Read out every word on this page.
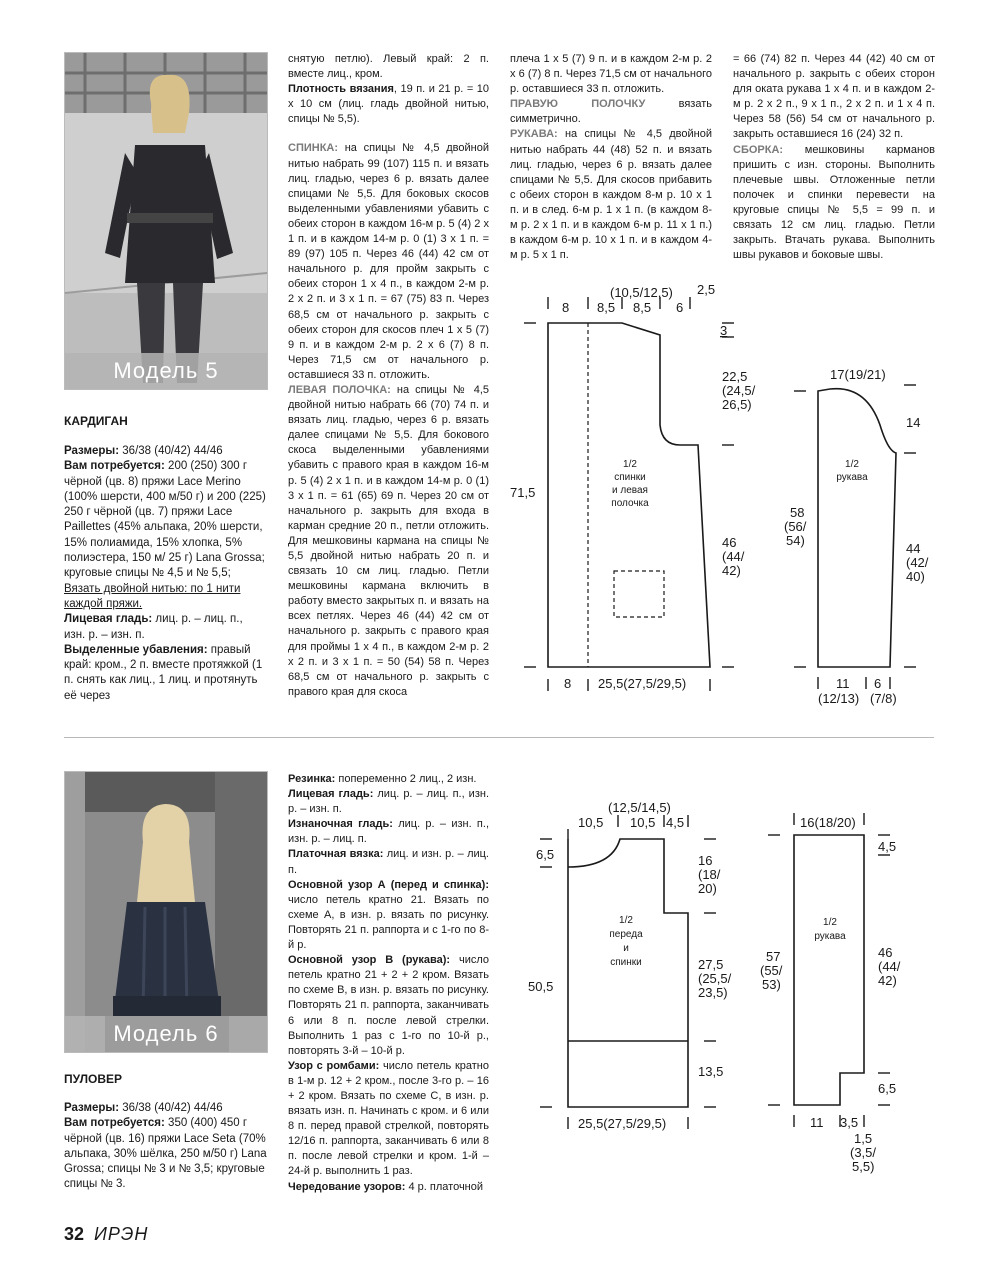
Модель 5
КАРДИГАН

Размеры: 36/38 (40/42) 44/46

Вам потребуется: 200 (250) 300 г чёрной (цв. 8) пряжи Lace Merino (100% шерсти, 400 м/50 г) и 200 (225) 250 г чёрной (цв. 7) пряжи Lace Paillettes (45% альпака, 20% шерсти, 15% полиамида, 15% хлопка, 5% полиэстера, 150 м/ 25 г) Lana Grossa; круговые спицы № 4,5 и № 5,5;

Вязать двойной нитью: по 1 нити каждой пряжи.

Лицевая гладь: лиц. р. – лиц. п., изн. р. – изн. п.

Выделенные убавления: правый край: кром., 2 п. вместе протяжкой (1 п. снять как лиц., 1 лиц. и протянуть её через

снятую петлю). Левый край: 2 п. вместе лиц., кром.

Плотность вязания, 19 п. и 21 р. = 10 х 10 см (лиц. гладь двойной нитью, спицы № 5,5).

СПИНКА: на спицы № 4,5 двойной нитью набрать 99 (107) 115 п. и вязать лиц. гладью, через 6 р. вязать далее спицами № 5,5. Для боковых скосов выделенными убавлениями убавить с обеих сторон в каждом 16-м р. 5 (4) 2 х 1 п. и в каждом 14-м р. 0 (1) 3 х 1 п. = 89 (97) 105 п. Через 46 (44) 42 см от начального р. для пройм закрыть с обеих сторон 1 х 4 п., в каждом 2-м р. 2 х 2 п. и 3 х 1 п. = 67 (75) 83 п. Через 68,5 см от начального р. закрыть с обеих сторон для скосов плеч 1 х 5 (7) 9 п. и в каждом 2-м р. 2 х 6 (7) 8 п. Через 71,5 см от начального р. оставшиеся 33 п. отложить.

ЛЕВАЯ ПОЛОЧКА: на спицы № 4,5 двойной нитью набрать 66 (70) 74 п. и вязать лиц. гладью, через 6 р. вязать далее спицами № 5,5. Для бокового скоса выделенными убавлениями убавить с правого края в каждом 16-м р. 5 (4) 2 х 1 п. и в каждом 14-м р. 0 (1) 3 х 1 п. = 61 (65) 69 п. Через 20 см от начального р. закрыть для входа в карман средние 20 п., петли отложить. Для мешковины кармана на спицы № 5,5 двойной нитью набрать 20 п. и связать 10 см лиц. гладью. Петли мешковины кармана включить в работу вместо закрытых п. и вязать на всех петлях. Через 46 (44) 42 см от начального р. закрыть с правого края для проймы 1 х 4 п., в каждом 2-м р. 2 х 2 п. и 3 х 1 п. = 50 (54) 58 п. Через 68,5 см от начального р. закрыть с правого края для скоса

плеча 1 х 5 (7) 9 п. и в каждом 2-м р. 2 х 6 (7) 8 п. Через 71,5 см от начального р. оставшиеся 33 п. отложить.

ПРАВУЮ ПОЛОЧКУ вязать симметрично.

РУКАВА: на спицы № 4,5 двойной нитью набрать 44 (48) 52 п. и вязать лиц. гладью, через 6 р. вязать далее спицами № 5,5. Для скосов прибавить с обеих сторон в каждом 8-м р. 10 х 1 п. и в след. 6-м р. 1 х 1 п. (в каждом 8-м р. 2 х 1 п. и в каждом 6-м р. 11 х 1 п.) в каждом 6-м р. 10 х 1 п. и в каждом 4-м р. 5 х 1 п.

= 66 (74) 82 п. Через 44 (42) 40 см от начального р. закрыть с обеих сторон для оката рукава 1 х 4 п. и в каждом 2-м р. 2 х 2 п., 9 х 1 п., 2 х 2 п. и 1 х 4 п. Через 58 (56) 54 см от начального р. закрыть оставшиеся 16 (24) 32 п.

СБОРКА: мешковины карманов пришить с изн. стороны. Выполнить плечевые швы. Отложенные петли полочек и спинки перевести на круговые спицы № 5,5 = 99 п. и связать 12 см лиц. гладью. Петли закрыть. Втачать рукава. Выполнить швы рукавов и боковые швы.

8 8,5 8,5 6
(10,5/12,5) 2,5
3
22,5
(24,5/
26,5)
71,5
46
(44/
42)
8 25,5(27,5/29,5)
1/2
спинки
и левая
полочка
17(19/21)
14
58
(56/
54)
44
(42/
40)
11 6
(12/13) (7/8)
1/2
рукава
Модель 6
ПУЛОВЕР

Размеры: 36/38 (40/42) 44/46

Вам потребуется: 350 (400) 450 г чёрной (цв. 16) пряжи Lace Seta (70% альпака, 30% шёлка, 250 м/50 г) Lana Grossa; спицы № 3 и № 3,5; круговые спицы № 3.

Резинка: попеременно 2 лиц., 2 изн.

Лицевая гладь: лиц. р. – лиц. п., изн. р. – изн. п.

Изнаночная гладь: лиц. р. – изн. п., изн. р. – лиц. п.

Платочная вязка: лиц. и изн. р. – лиц. п.

Основной узор А (перед и спинка): число петель кратно 21. Вязать по схеме А, в изн. р. вязать по рисунку. Повторять 21 п. раппорта и с 1-го по 8-й р.

Основной узор В (рукава): число петель кратно 21 + 2 + 2 кром. Вязать по схеме В, в изн. р. вязать по рисунку. Повторять 21 п. раппорта, заканчивать 6 или 8 п. после левой стрелки. Выполнить 1 раз с 1-го по 10-й р., повторять 3-й – 10-й р.

Узор с ромбами: число петель кратно в 1-м р. 12 + 2 кром., после 3-го р. – 16 + 2 кром. Вязать по схеме С, в изн. р. вязать изн. п. Начинать с кром. и 6 или 8 п. перед правой стрелкой, повторять 12/16 п. раппорта, заканчивать 6 или 8 п. после левой стрелки и кром. 1-й – 24-й р. выполнить 1 раз.

Чередование узоров: 4 р. платочной

(12,5/14,5)
10,5 10,5 4,5
6,5	16
(18/
20)
50,5
27,5
(25,5/
23,5)
13,5
25,5(27,5/29,5)
1/2
переда
и
спинки
16(18/20)
4,5
57
(55/
53)
46
(44/
42)
6,5
11 3,5
1,5
(3,5/
5,5)
1/2
рукава
32 ИРЭН
